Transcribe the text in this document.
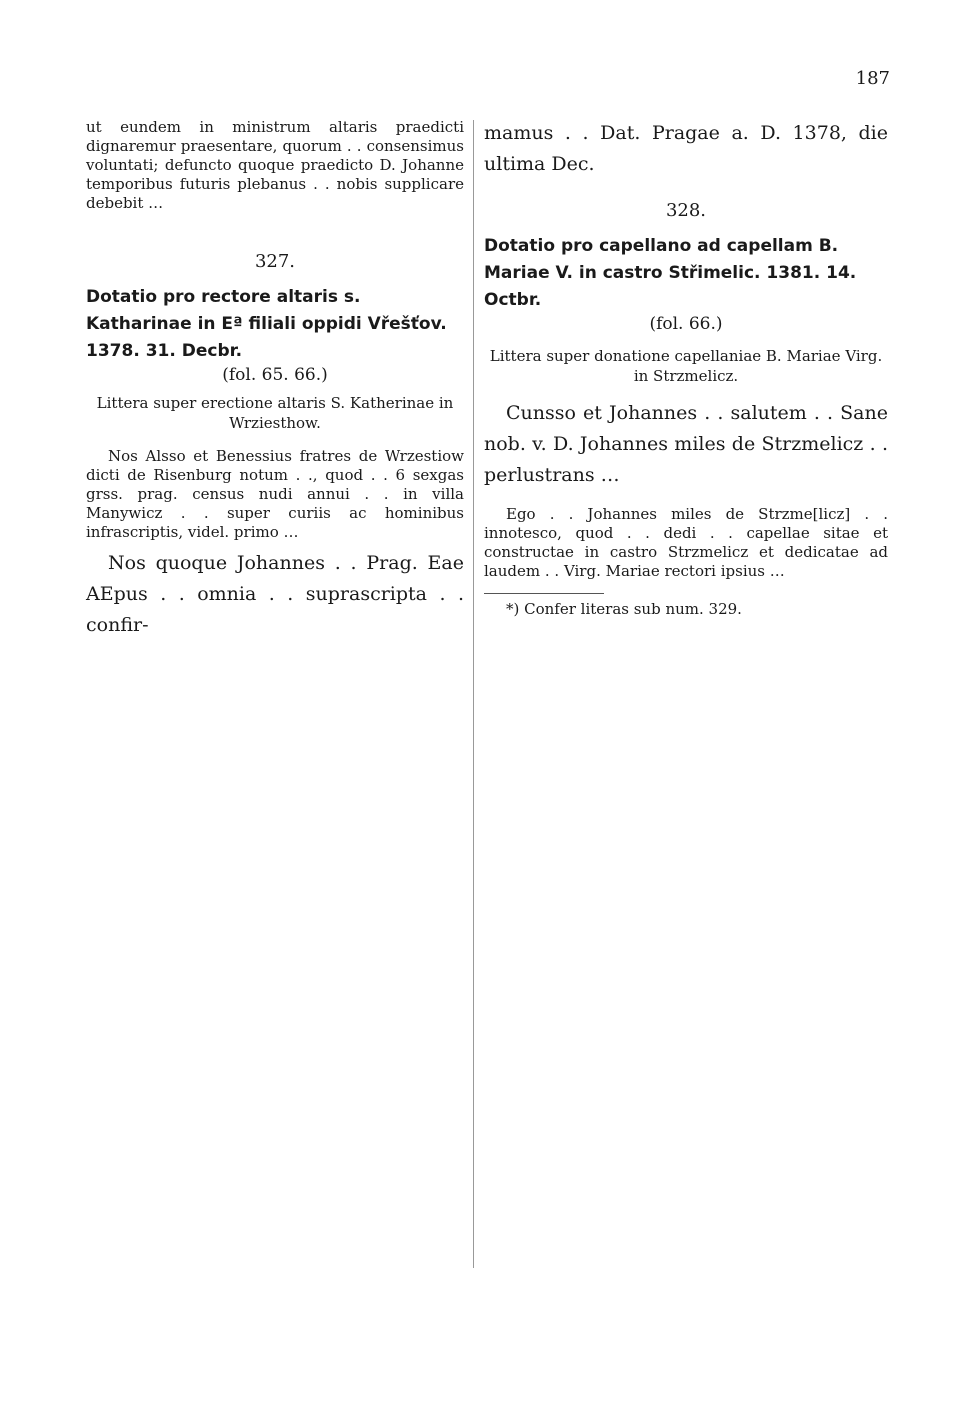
187

ut eundem in ministrum altaris praedicti dignaremur praesentare, quorum . . consensimus voluntati; defuncto quoque praedicto D. Johanne temporibus futuris plebanus . . nobis supplicare debebit …

327.

Dotatio pro rectore altaris s. Katharinae in Eª filiali oppidi Vřešťov. 1378. 31. Decbr.

(fol. 65. 66.)

Littera super erectione altaris S. Katherinae in Wrziesthow.

Nos Alsso et Benessius fratres de Wrzestiow dicti de Risenburg notum . ., quod . . 6 sexgas grss. prag. census nudi annui . . in villa Manywicz . . super curiis ac hominibus infrascriptis, videl. primo …

Nos quoque Johannes . . Prag. Eae AEpus . . omnia . . suprascripta . . confir-

mamus . . Dat. Pragae a. D. 1378, die ultima Dec.

328.

Dotatio pro capellano ad capellam B. Mariae V. in castro Střimelic. 1381. 14. Octbr.

(fol. 66.)

Littera super donatione capellaniae B. Mariae Virg. in Strzmelicz.

Cunsso et Johannes . . salutem . . Sane nob. v. D. Johannes miles de Strzmelicz . . perlustrans …

Ego . . Johannes miles de Strzme[licz] . . innotesco, quod . . dedi . . capellae sitae et constructae in castro Strzmelicz et dedicatae ad laudem . . Virg. Mariae rectori ipsius …

*) Confer literas sub num. 329.
